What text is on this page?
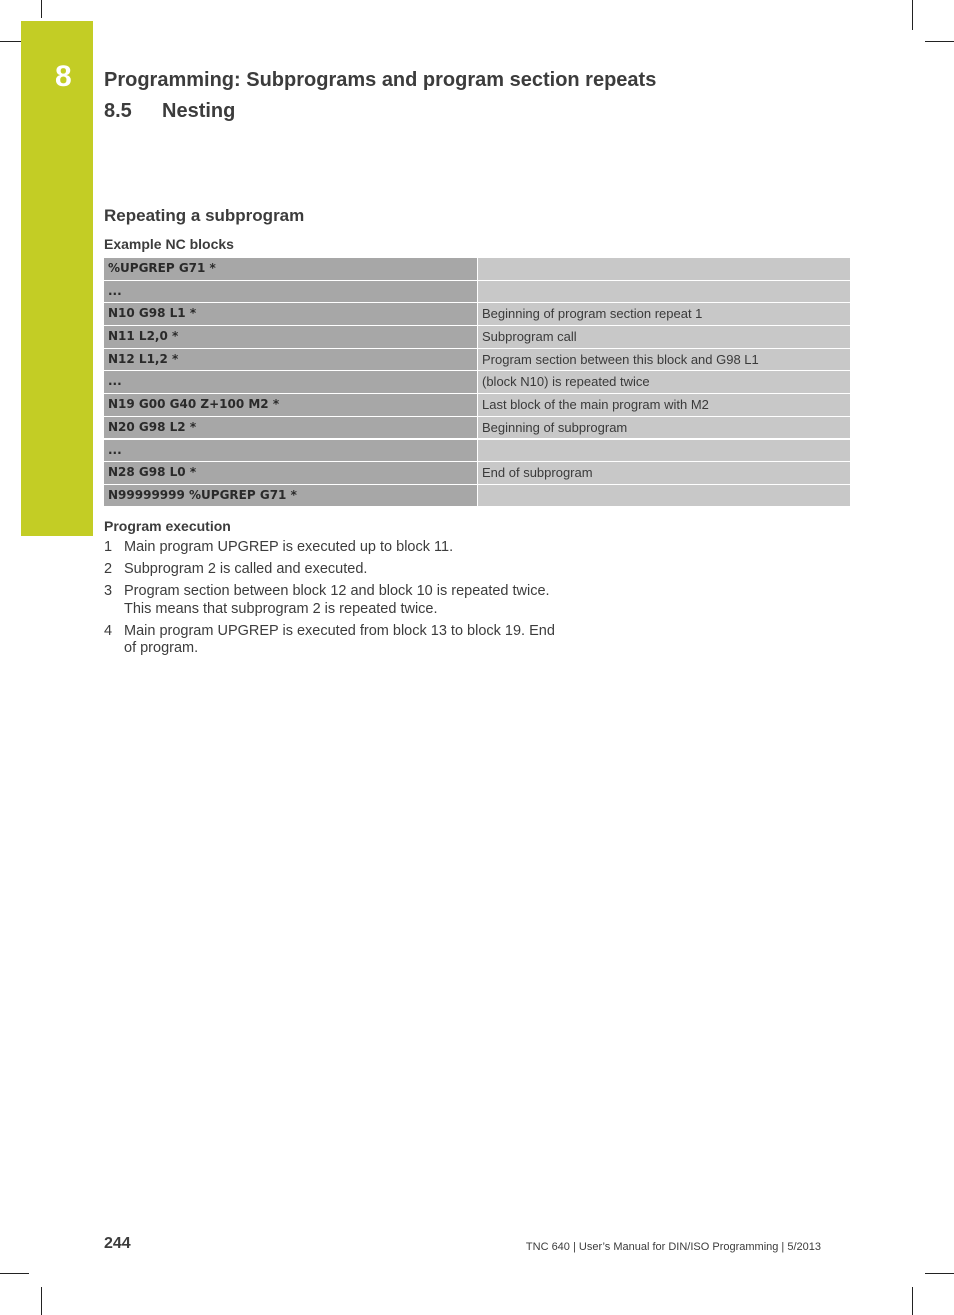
8 Programming: Subprograms and program section repeats
8.5 Nesting
Repeating a subprogram
Example NC blocks
%UPGREP G71 *
...
N10 G98 L1 *	Beginning of program section repeat 1
N11 L2,0 *	Subprogram call
N12 L1,2 *	Program section between this block and G98 L1
...	(block N10) is repeated twice
N19 G00 G40 Z+100 M2 *	Last block of the main program with M2
N20 G98 L2 *	Beginning of subprogram
...
N28 G98 L0 *	End of subprogram
N99999999 %UPGREP G71 *
Program execution
1 Main program UPGREP is executed up to block 11.
2 Subprogram 2 is called and executed.
3 Program section between block 12 and block 10 is repeated twice. This means that subprogram 2 is repeated twice.
4 Main program UPGREP is executed from block 13 to block 19. End of program.
244	TNC 640 | User’s Manual for DIN/ISO Programming | 5/2013
